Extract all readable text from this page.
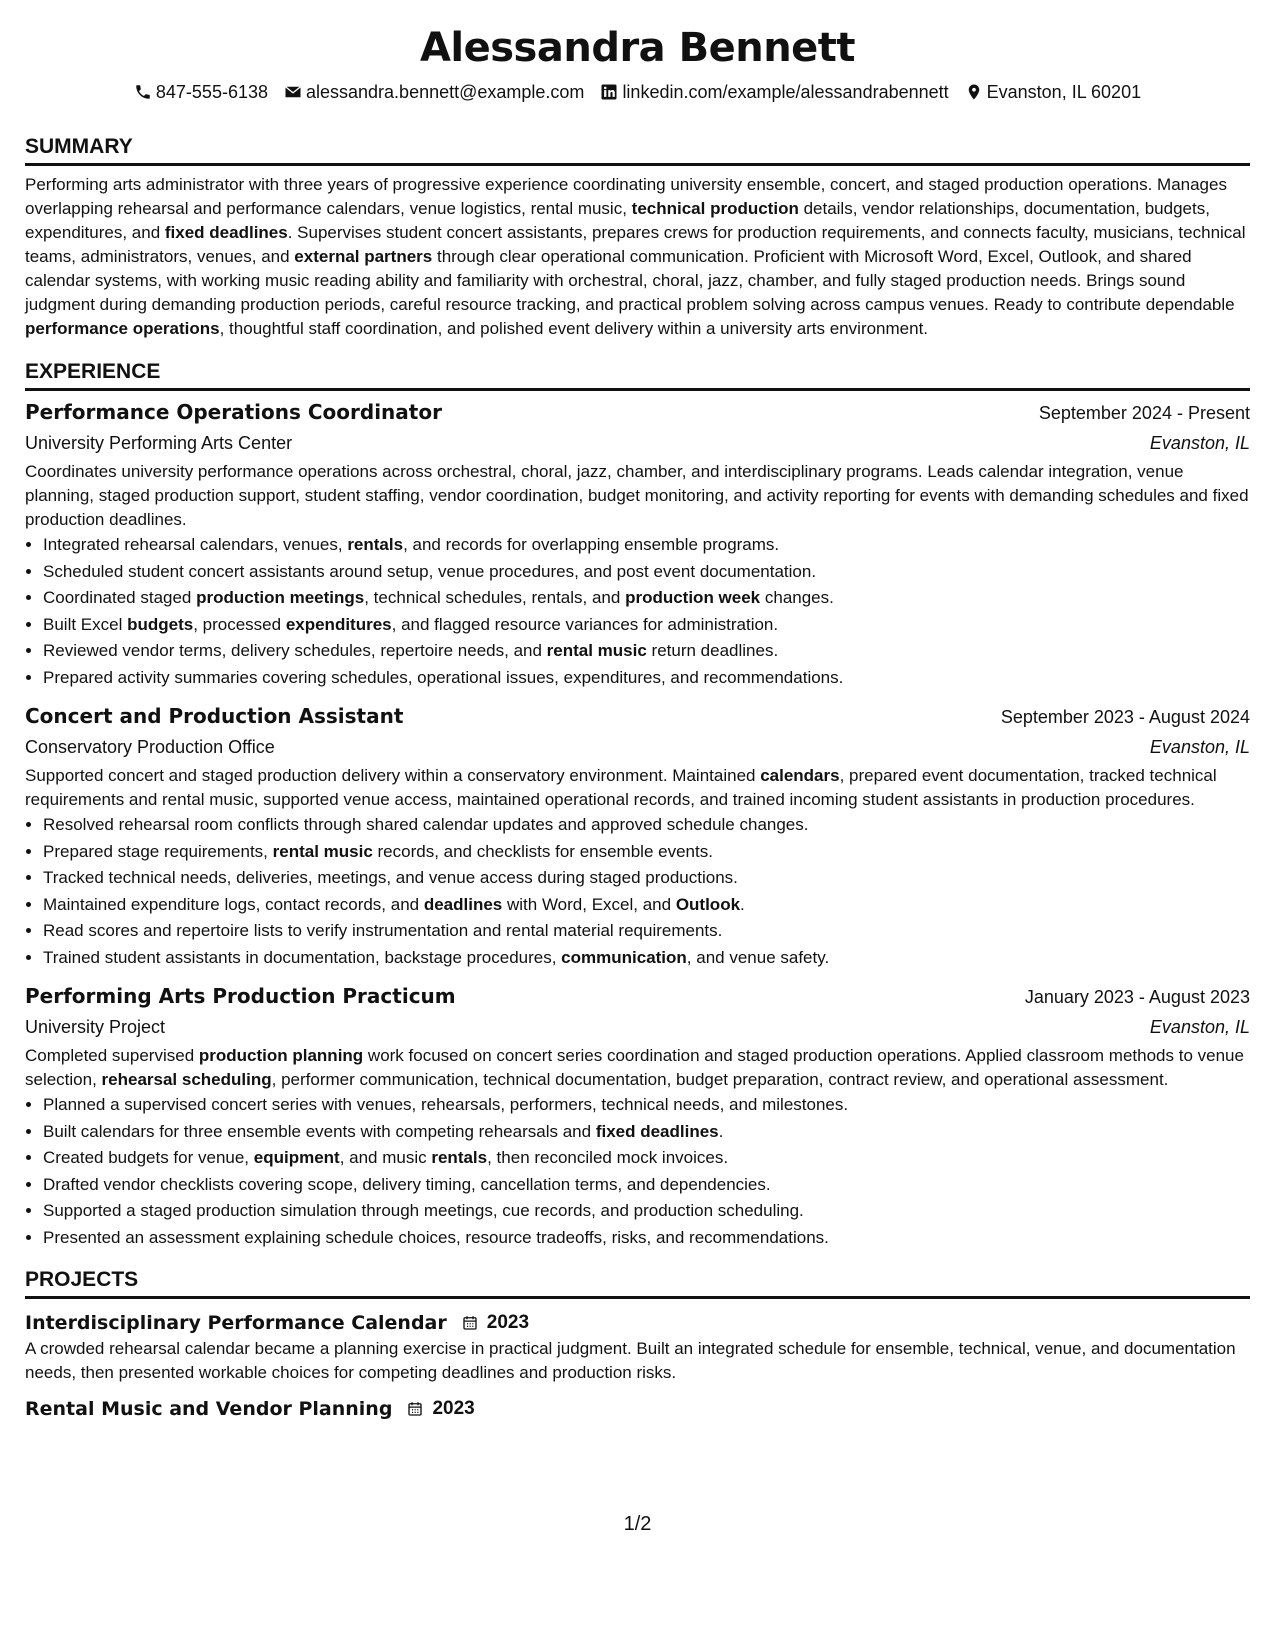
Alessandra Bennett
847-555-6138 alessandra.bennett@example.com linkedin.com/example/alessandrabennett Evanston, IL 60201
SUMMARY

Performing arts administrator with three years of progressive experience coordinating university ensemble, concert, and staged production operations. Manages overlapping rehearsal and performance calendars, venue logistics, rental music, technical production details, vendor relationships, documentation, budgets, expenditures, and fixed deadlines. Supervises student concert assistants, prepares crews for production requirements, and connects faculty, musicians, technical teams, administrators, venues, and external partners through clear operational communication. Proficient with Microsoft Word, Excel, Outlook, and shared calendar systems, with working music reading ability and familiarity with orchestral, choral, jazz, chamber, and fully staged production needs. Brings sound judgment during demanding production periods, careful resource tracking, and practical problem solving across campus venues. Ready to contribute dependable performance operations, thoughtful staff coordination, and polished event delivery within a university arts environment.

EXPERIENCE
Performance Operations Coordinator	September 2024 - Present
University Performing Arts Center	Evanston, IL

Coordinates university performance operations across orchestral, choral, jazz, chamber, and interdisciplinary programs. Leads calendar integration, venue planning, staged production support, student staffing, vendor coordination, budget monitoring, and activity reporting for events with demanding schedules and fixed production deadlines.

• Integrated rehearsal calendars, venues, rentals, and records for overlapping ensemble programs.
• Scheduled student concert assistants around setup, venue procedures, and post event documentation.
• Coordinated staged production meetings, technical schedules, rentals, and production week changes.
• Built Excel budgets, processed expenditures, and flagged resource variances for administration.
• Reviewed vendor terms, delivery schedules, repertoire needs, and rental music return deadlines.
• Prepared activity summaries covering schedules, operational issues, expenditures, and recommendations.
Concert and Production Assistant	September 2023 - August 2024
Conservatory Production Office	Evanston, IL

Supported concert and staged production delivery within a conservatory environment. Maintained calendars, prepared event documentation, tracked technical requirements and rental music, supported venue access, maintained operational records, and trained incoming student assistants in production procedures.

• Resolved rehearsal room conflicts through shared calendar updates and approved schedule changes.
• Prepared stage requirements, rental music records, and checklists for ensemble events.
• Tracked technical needs, deliveries, meetings, and venue access during staged productions.
• Maintained expenditure logs, contact records, and deadlines with Word, Excel, and Outlook.
• Read scores and repertoire lists to verify instrumentation and rental material requirements.
• Trained student assistants in documentation, backstage procedures, communication, and venue safety.
Performing Arts Production Practicum	January 2023 - August 2023
University Project	Evanston, IL

Completed supervised production planning work focused on concert series coordination and staged production operations. Applied classroom methods to venue selection, rehearsal scheduling, performer communication, technical documentation, budget preparation, contract review, and operational assessment.

• Planned a supervised concert series with venues, rehearsals, performers, technical needs, and milestones.
• Built calendars for three ensemble events with competing rehearsals and fixed deadlines.
• Created budgets for venue, equipment, and music rentals, then reconciled mock invoices.
• Drafted vendor checklists covering scope, delivery timing, cancellation terms, and dependencies.
• Supported a staged production simulation through meetings, cue records, and production scheduling.
• Presented an assessment explaining schedule choices, resource tradeoffs, risks, and recommendations.
PROJECTS
Interdisciplinary Performance Calendar 2023

A crowded rehearsal calendar became a planning exercise in practical judgment. Built an integrated schedule for ensemble, technical, venue, and documentation needs, then presented workable choices for competing deadlines and production risks.

Rental Music and Vendor Planning 2023
1/2
